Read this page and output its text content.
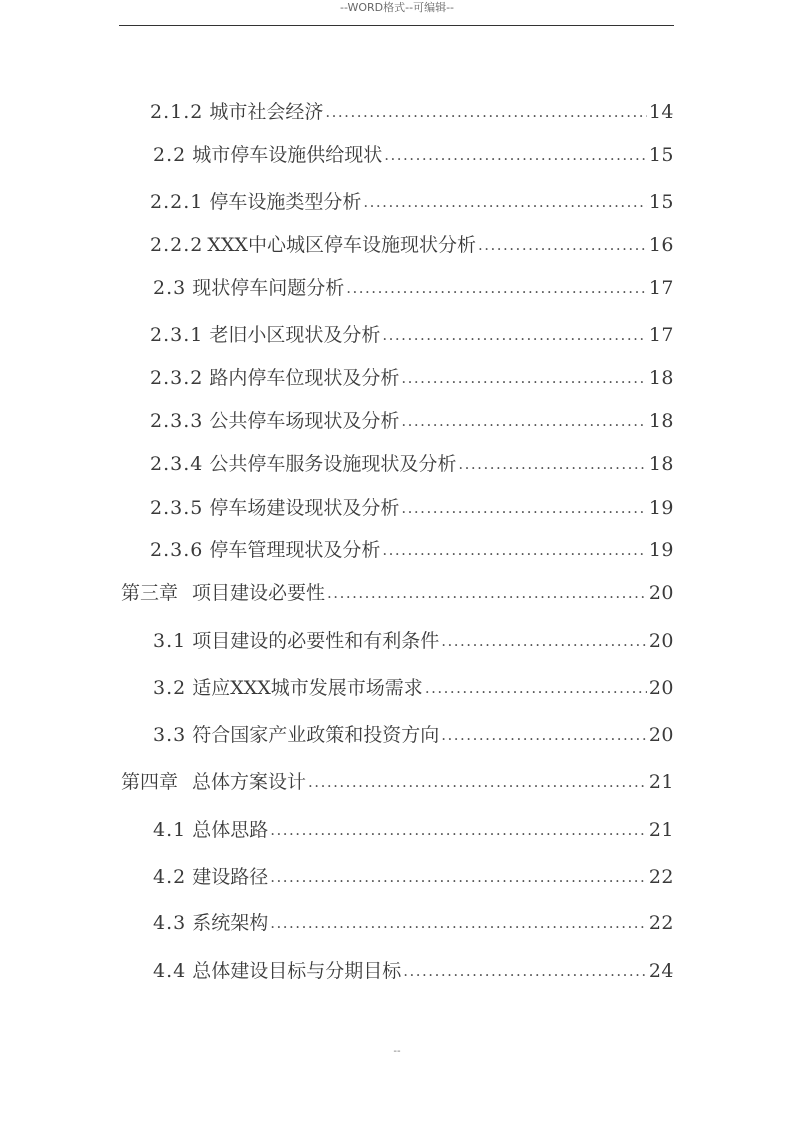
--WORD格式--可编辑--
2.1.2 城市社会经济 .....	14
2.2 城市停车设施供给现状 .....	15
2.2.1 停车设施类型分析 .....	15
2.2.2 XXX中心城区停车设施现状分析 .....	16
2.3 现状停车问题分析 .....	17
2.3.1 老旧小区现状及分析 .....	17
2.3.2 路内停车位现状及分析 .....	18
2.3.3 公共停车场现状及分析 .....	18
2.3.4 公共停车服务设施现状及分析 .....	18
2.3.5 停车场建设现状及分析 .....	19
2.3.6 停车管理现状及分析 .....	19
第三章 项目建设必要性 .....	20
3.1 项目建设的必要性和有利条件 .....	20
3.2 适应XXX城市发展市场需求 .....	20
3.3 符合国家产业政策和投资方向 .....	20
第四章 总体方案设计 .....	21
4.1 总体思路 .....	21
4.2 建设路径 .....	22
4.3 系统架构 .....	22
4.4 总体建设目标与分期目标 .....	24
--
